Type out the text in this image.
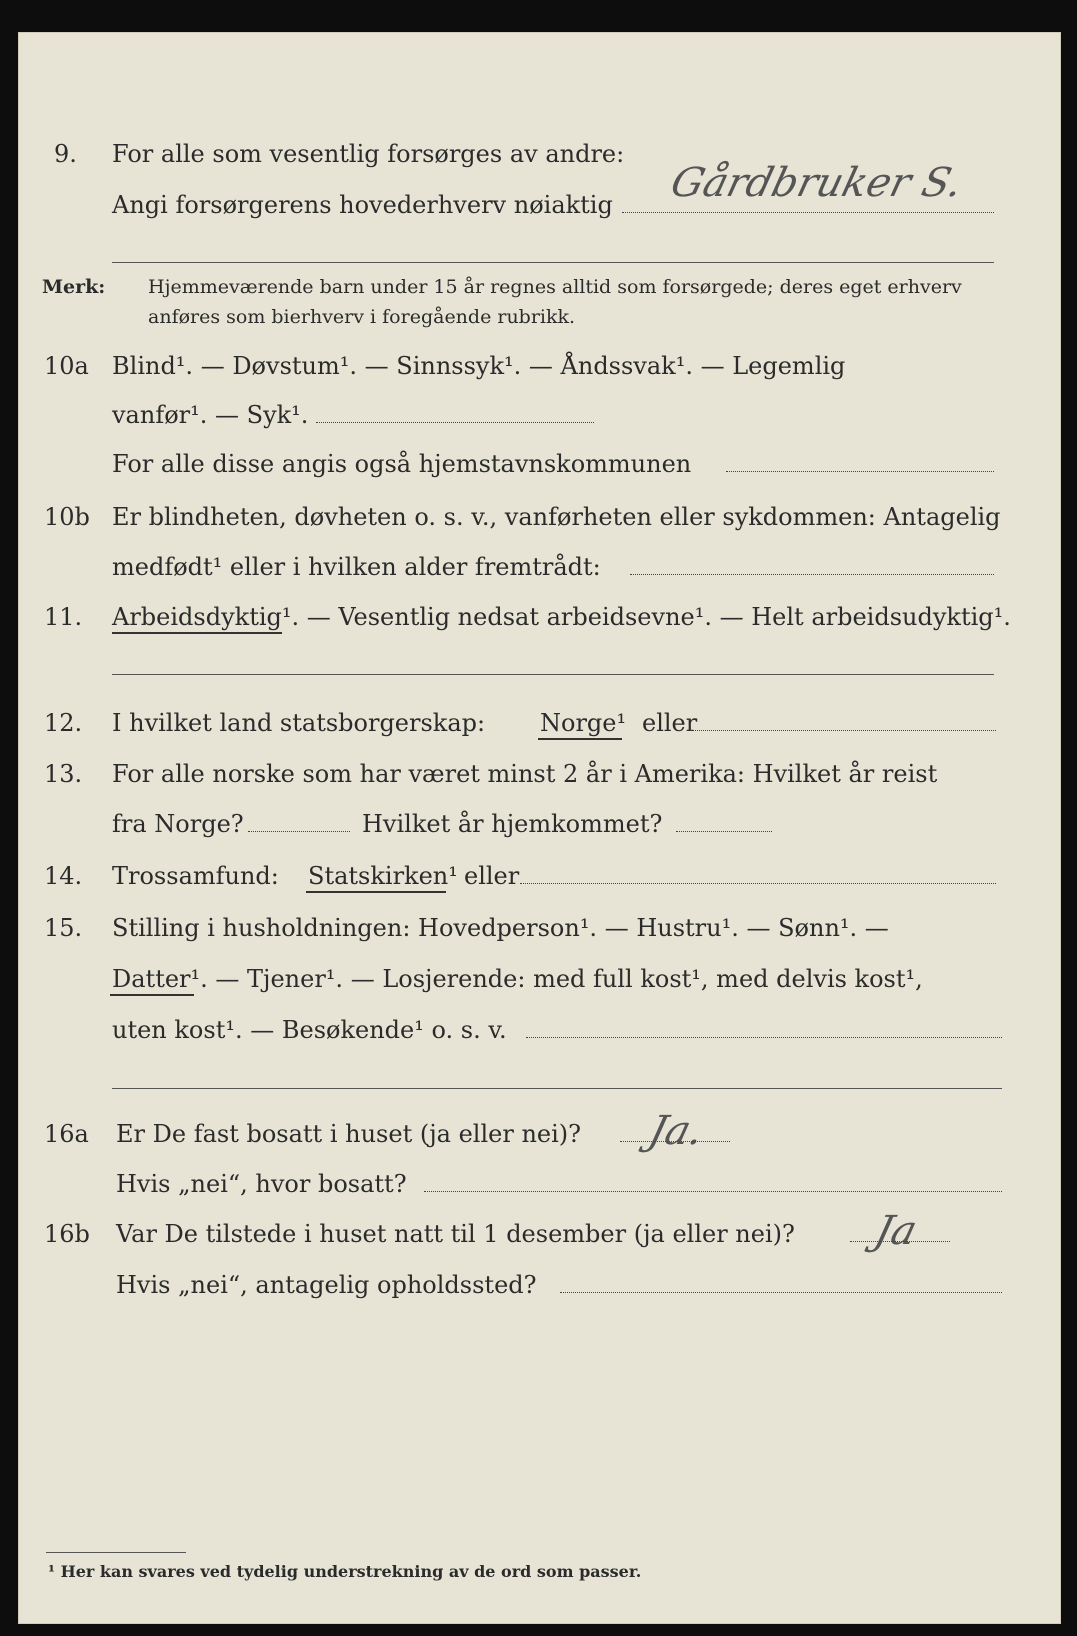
9. For alle som vesentlig forsørges av andre:
Angi forsørgerens hovederhverv nøiaktig Gårdbruker S.
Merk: Hjemmeværende barn under 15 år regnes alltid som forsørgede; deres eget erhverv
anføres som bierhverv i foregående rubrikk.
10a Blind¹. — Døvstum¹. — Sinnssyk¹. — Åndssvak¹. — Legemlig
vanfør¹. — Syk¹.
For alle disse angis også hjemstavnskommunen
10b Er blindheten, døvheten o. s. v., vanførheten eller sykdommen: Antagelig
medfødt¹ eller i hvilken alder fremtrådt:
11. Arbeidsdyktig¹. — Vesentlig nedsat arbeidsevne¹. — Helt arbeidsudyktig¹.
12. I hvilket land statsborgerskap: Norge¹ eller
13. For alle norske som har været minst 2 år i Amerika: Hvilket år reist
fra Norge?	Hvilket år hjemkommet?
14. Trossamfund: Statskirken¹ eller
15. Stilling i husholdningen: Hovedperson¹. — Hustru¹. — Sønn¹. —
Datter¹. — Tjener¹. — Losjerende: med full kost¹, med delvis kost¹,
uten kost¹. — Besøkende¹ o. s. v.
16a Er De fast bosatt i huset (ja eller nei)? Ja.
Hvis „nei“, hvor bosatt?
16b Var De tilstede i huset natt til 1 desember (ja eller nei)? Ja
Hvis „nei“, antagelig opholdssted?
¹ Her kan svares ved tydelig understrekning av de ord som passer.
